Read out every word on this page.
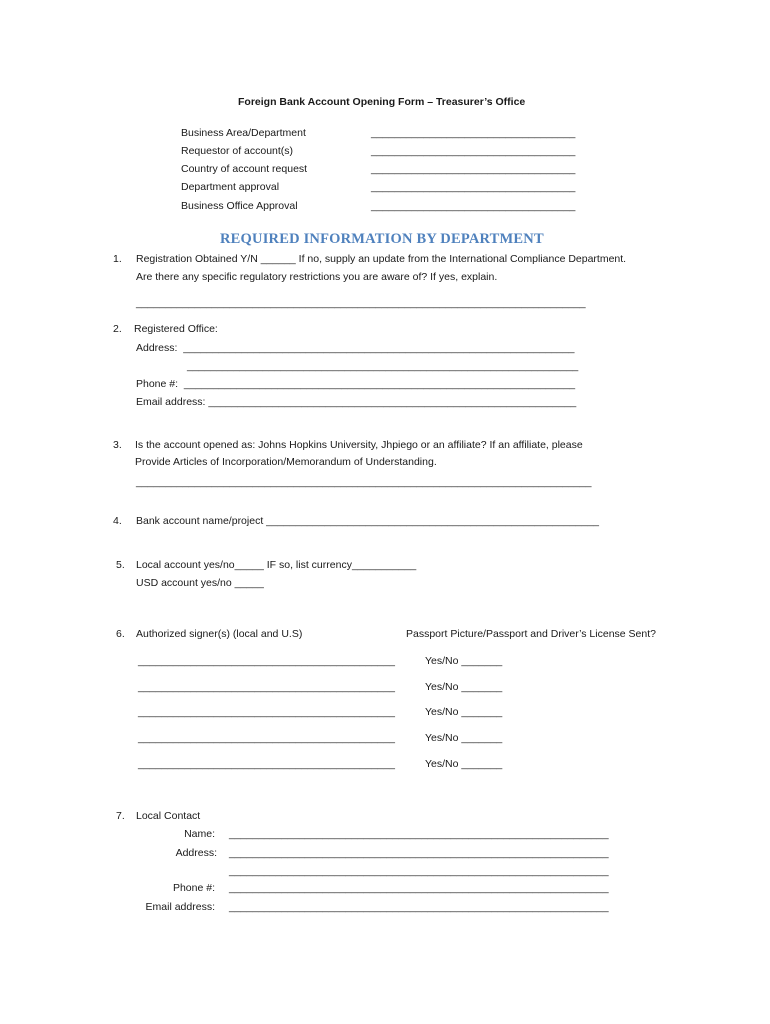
Foreign Bank Account Opening Form – Treasurer’s Office
Business Area/Department	___________________________________
Requestor of account(s)	___________________________________
Country of account request	___________________________________
Department approval	___________________________________
Business Office Approval	___________________________________
REQUIRED INFORMATION BY DEPARTMENT
1. Registration Obtained Y/N ______ If no, supply an update from the International Compliance Department.
Are there any specific regulatory restrictions you are aware of? If yes, explain.
_____________________________________________________________________________
2. Registered Office:
Address:  ___________________________________________________________________
___________________________________________________________________
Phone #:  ___________________________________________________________________
Email address: _______________________________________________________________
3. Is the account opened as: Johns Hopkins University, Jhpiego or an affiliate? If an affiliate, please
Provide Articles of Incorporation/Memorandum of Understanding.
______________________________________________________________________________
4. Bank account name/project _________________________________________________________
5. Local account yes/no_____ IF so, list currency___________
USD account yes/no _____
6. Authorized signer(s) (local and U.S)	Passport Picture/Passport and Driver’s License Sent?
____________________________________________	Yes/No _______
____________________________________________	Yes/No _______
____________________________________________	Yes/No _______
____________________________________________	Yes/No _______
____________________________________________	Yes/No _______
7. Local Contact
Name: _________________________________________________________________
Address: _________________________________________________________________
_________________________________________________________________
Phone #: _________________________________________________________________
Email address: _________________________________________________________________
